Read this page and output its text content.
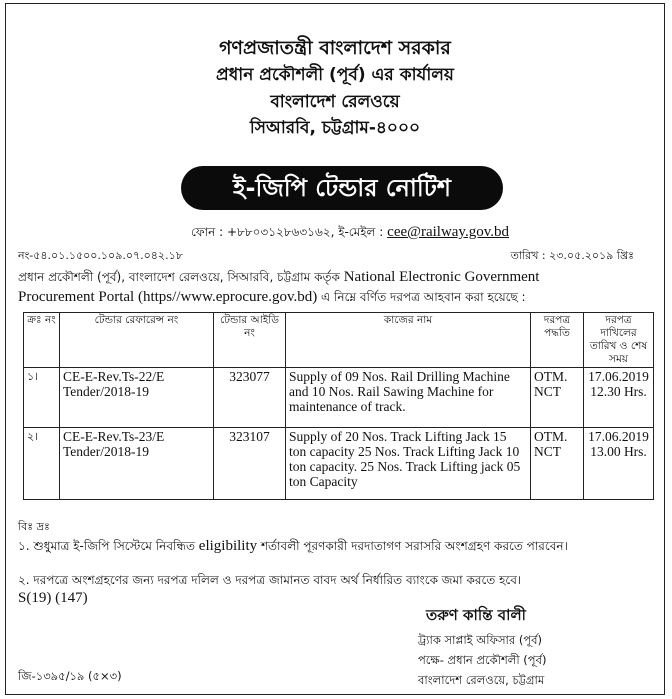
গণপ্রজাতন্ত্রী বাংলাদেশ সরকার
প্রধান প্রকৌশলী (পূর্ব) এর কার্যালয়
বাংলাদেশ রেলওয়ে
সিআরবি, চট্টগ্রাম-৪০০০
ই-জিপি টেন্ডার নোটিশ
ফোন : +৮৮০৩১২৮৬৩১৬২, ই-মেইল : cee@railway.gov.bd
নং-৫৪.০১.১৫০০.১০৯.০৭.০৪২.১৮	তারিখ : ২৩.০৫.২০১৯ খ্রিঃ
প্রধান প্রকৌশলী (পূর্ব), বাংলাদেশ রেলওয়ে, সিআরবি, চট্টগ্রাম কর্তৃক National Electronic Government
Procurement Portal (https//www.eprocure.gov.bd) এ নিম্নে বর্ণিত দরপত্র আহবান করা হয়েছে :
ক্রঃ নং	টেন্ডার রেফারেন্স নং	টেন্ডার আইডি নং	কাজের নাম	দরপত্র পদ্ধতি	দরপত্র দাখিলের তারিখ ও শেষ সময়
১।	CE-E-Rev.Ts-22/E Tender/2018-19	323077	Supply of 09 Nos. Rail Drilling Machine and 10 Nos. Rail Sawing Machine for maintenance of track.	OTM. NCT	17.06.2019 12.30 Hrs.
২।	CE-E-Rev.Ts-23/E Tender/2018-19	323107	Supply of 20 Nos. Track Lifting Jack 15 ton capacity 25 Nos. Track Lifting Jack 10 ton capacity. 25 Nos. Track Lifting jack 05 ton Capacity	OTM. NCT	17.06.2019 13.00 Hrs.
বিঃ দ্রঃ
১. শুধুমাত্র ই-জিপি সিস্টেমে নিবন্ধিত eligibility শর্তাবলী পূরণকারী দরদাতাগণ সরাসরি অংশগ্রহণ করতে পারবেন।
২. দরপত্রে অংশগ্রহণের জন্য দরপত্র দলিল ও দরপত্র জামানত বাবদ অর্থ নির্ধারিত ব্যাংকে জমা করতে হবে।
S(19) (147)
তরুণ কান্তি বালী
ট্র্যাক সাপ্লাই অফিসার (পূর্ব)
পক্ষে- প্রধান প্রকৌশলী (পূর্ব)
বাংলাদেশ রেলওয়ে, চট্টগ্রাম
জি-১৩৯৫/১৯ (৫×৩)
